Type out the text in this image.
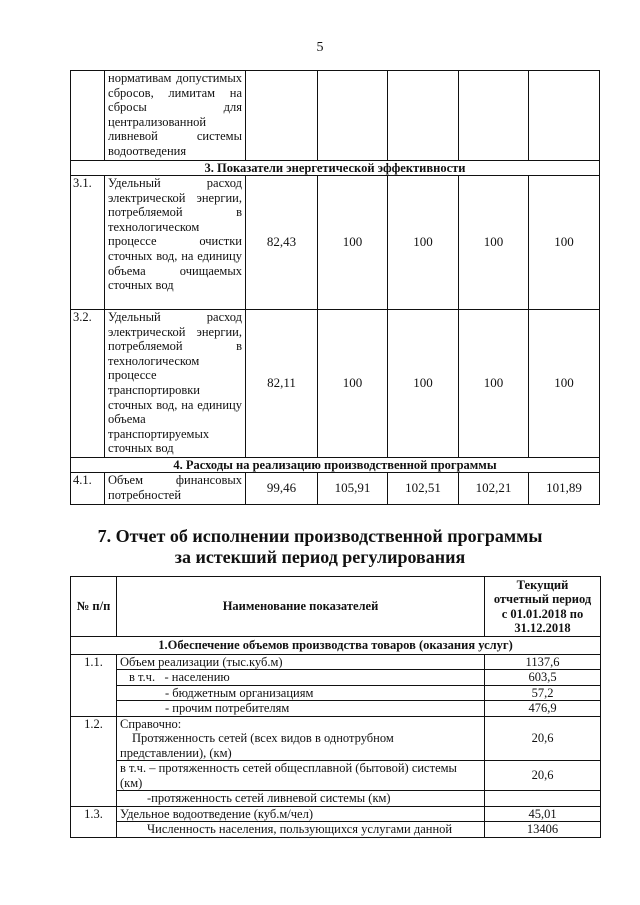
5
	нормативам допустимых сбросов, лимитам на сбросы для централизованной ливневой системы водоотведения					
3. Показатели энергетической эффективности						
3.1.	Удельный расход электрической энергии, потребляемой в технологическом процессе очистки сточных вод, на единицу объема очищаемых сточных вод	82,43	100	100	100	100
3.2.	Удельный расход электрической энергии, потребляемой в технологическом процессе транспортировки сточных вод, на единицу объема транспортируемых сточных вод	82,11	100	100	100	100
4. Расходы на реализацию производственной программы						
4.1.	Объем финансовых потребностей	99,46	105,91	102,51	102,21	101,89
7. Отчет об исполнении производственной программы
за истекший период регулирования
№ п/п	Наименование показателей	Текущий
отчетный период
с 01.01.2018 по
31.12.2018

1.Обеспечение объемов производства товаров (оказания услуг)		
1.1.	Объем реализации (тыс.куб.м)	1137,6
	в т.ч. - населению	603,5
	- бюджетным организациям	57,2
	- прочим потребителям	476,9
1.2.	Справочно:
Протяженность сетей (всех видов в однотрубном представлении), (км)	20,6
	в т.ч. – протяженность сетей общесплавной (бытовой) системы (км)	20,6
	-протяженность сетей ливневой системы (км)	
1.3.	Удельное водоотведение (куб.м/чел)	45,01
	Численность населения, пользующихся услугами данной	13406
